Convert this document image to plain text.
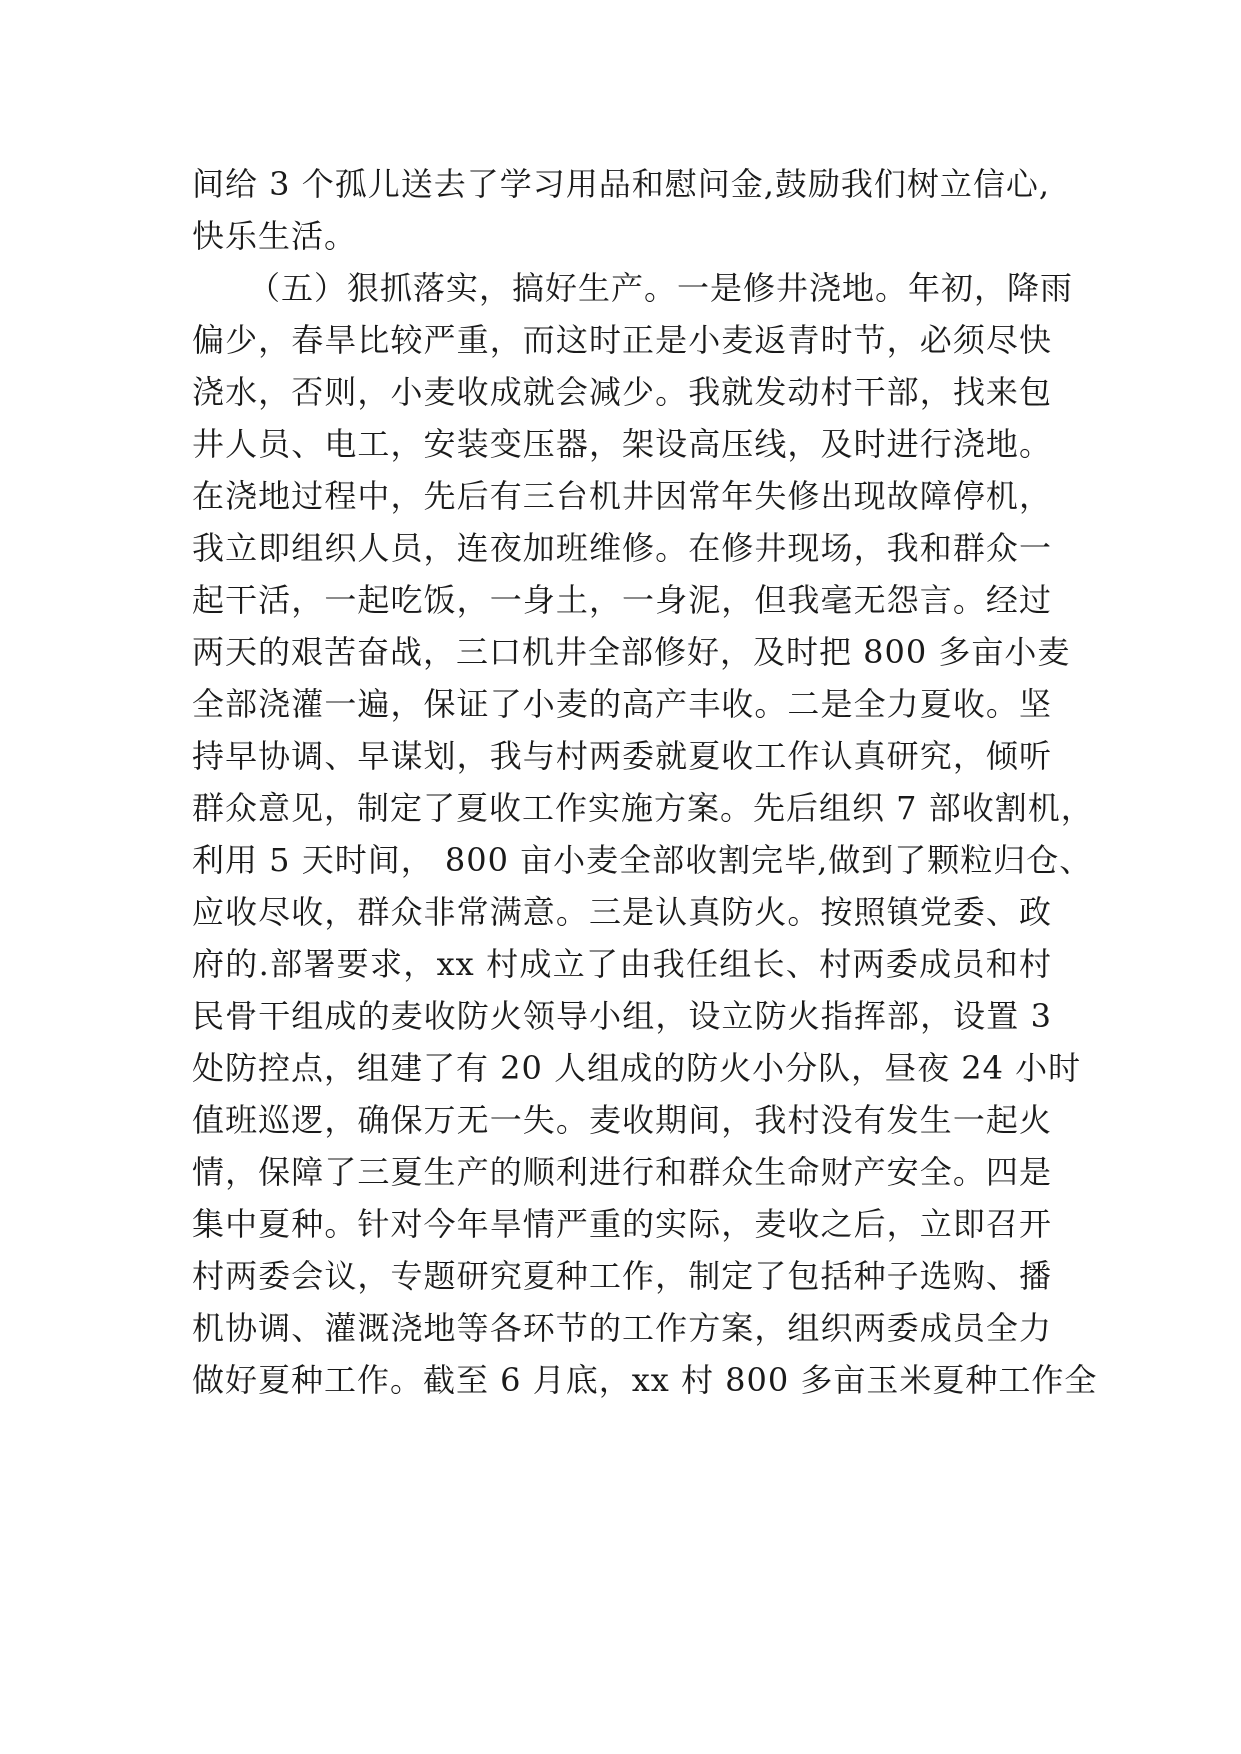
间给 3 个孤儿送去了学习用品和慰问金,鼓励我们树立信心,
快乐生活。
（五）狠抓落实，搞好生产。一是修井浇地。年初，降雨
偏少，春旱比较严重，而这时正是小麦返青时节，必须尽快
浇水，否则，小麦收成就会减少。我就发动村干部，找来包
井人员、电工，安装变压器，架设高压线，及时进行浇地。
在浇地过程中，先后有三台机井因常年失修出现故障停机，
我立即组织人员，连夜加班维修。在修井现场，我和群众一
起干活，一起吃饭，一身土，一身泥，但我毫无怨言。经过
两天的艰苦奋战，三口机井全部修好，及时把 800 多亩小麦
全部浇灌一遍，保证了小麦的高产丰收。二是全力夏收。坚
持早协调、早谋划，我与村两委就夏收工作认真研究，倾听
群众意见，制定了夏收工作实施方案。先后组织 7 部收割机，
利用 5 天时间， 800 亩小麦全部收割完毕,做到了颗粒归仓、
应收尽收，群众非常满意。三是认真防火。按照镇党委、政
府的.部署要求，xx 村成立了由我任组长、村两委成员和村
民骨干组成的麦收防火领导小组，设立防火指挥部，设置 3
处防控点，组建了有 20 人组成的防火小分队，昼夜 24 小时
值班巡逻，确保万无一失。麦收期间，我村没有发生一起火
情，保障了三夏生产的顺利进行和群众生命财产安全。四是
集中夏种。针对今年旱情严重的实际，麦收之后，立即召开
村两委会议，专题研究夏种工作，制定了包括种子选购、播
机协调、灌溉浇地等各环节的工作方案，组织两委成员全力
做好夏种工作。截至 6 月底，xx 村 800 多亩玉米夏种工作全
